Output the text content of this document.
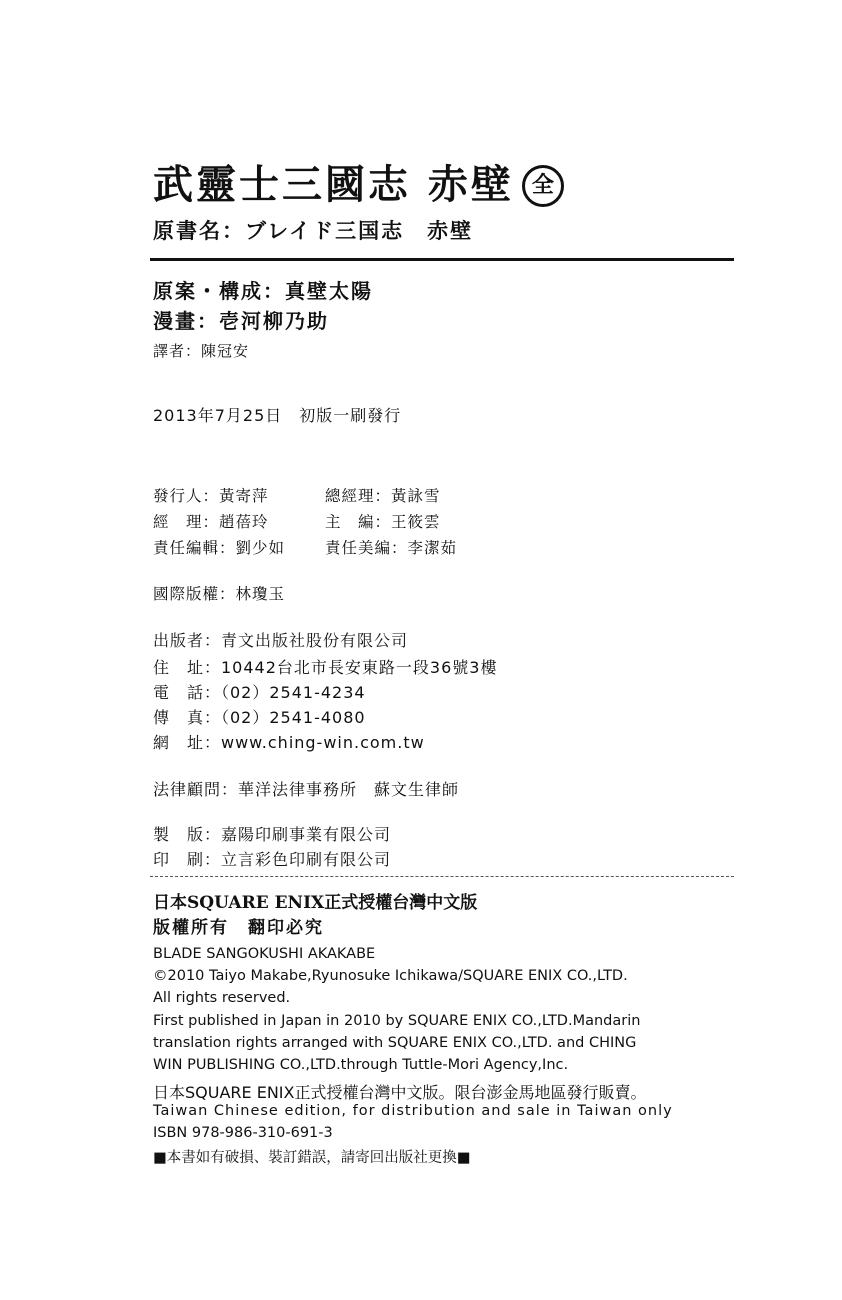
武靈士三國志 赤壁 全
原書名：ブレイド三国志　赤壁
原案・構成：真壁太陽
漫畫：壱河柳乃助
譯者：陳冠安
2013年7月25日　初版一刷發行
發行人：黃寄萍	總經理：黃詠雪
經　理：趙蓓玲	主　編：王筱雲
責任編輯：劉少如	責任美編：李潔茹
國際版權：林瓊玉
出版者：青文出版社股份有限公司
住　址：10442台北市長安東路一段36號3樓
電　話：（02）2541-4234
傳　真：（02）2541-4080
網　址：www.ching-win.com.tw
法律顧問：華洋法律事務所　蘇文生律師
製　版：嘉陽印刷事業有限公司
印　刷：立言彩色印刷有限公司
日本SQUARE ENIX正式授權台灣中文版
版權所有　翻印必究
BLADE SANGOKUSHI AKAKABE
©2010 Taiyo Makabe,Ryunosuke Ichikawa/SQUARE ENIX CO.,LTD.
All rights reserved.
First published in Japan in 2010 by SQUARE ENIX CO.,LTD.Mandarin
translation rights arranged with SQUARE ENIX CO.,LTD. and CHING
WIN PUBLISHING CO.,LTD.through Tuttle-Mori Agency,Inc.
日本SQUARE ENIX正式授權台灣中文版。限台澎金馬地區發行販賣。
Taiwan Chinese edition, for distribution and sale in Taiwan only
ISBN 978-986-310-691-3
■本書如有破損、裝訂錯誤，請寄回出版社更換■
